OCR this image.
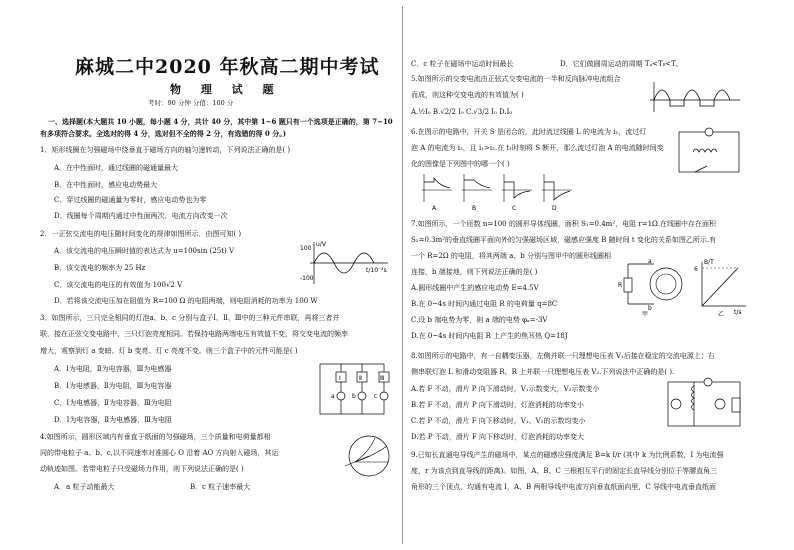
麻城二中2020 年秋高二期中考试
物 理 试 题
考时：90 分钟 分值：100 分
一、选择题(本大题共 10 小题，每小题 4 分，共计 40 分，其中第 1~6 题只有一个选项是正确的，第 7~10
有多项符合要求。全选对的得 4 分，选对但不全的得 2 分，有选错的得 0 分。)
1．矩形线圈在匀强磁场中绕垂直于磁场方向的轴匀速转动，下列说法正确的是( )
A．在中性面时，通过线圈的磁通量最大
B．在中性面时，感应电动势最大
C．穿过线圈的磁通量为零时，感应电动势也为零
D．线圈每个周期内通过中性面两次，电流方向改变一次
2．一正弦交流电的电压随时间变化的规律如图所示．由图可知( )
A．该交流电的电压瞬时值的表达式为 u=100sin (25t) V
B．该交流电的频率为 25 Hz
C．该交流电的电压的有效值为 100√2 V
D．若将该交流电压加在阻值为 R=100 Ω 的电阻两端，则电阻消耗的功率为 100 W
u/V
100
-100
t/10⁻²s
3．如图所示，三只完全相同的灯泡a、b、c 分别与盒子Ⅰ、Ⅱ、Ⅲ中的三种元件串联，再将三者并
联，接在正弦交变电路中，三只灯泡亮度相同。若保持电路两端电压有效值不变，将交变电流的频率
增大，观察到灯 a 变暗、灯 b 变亮、灯 c 亮度不变。则三个盒子中的元件可能是( )
A．Ⅰ为电阻，Ⅱ为电容器，Ⅲ为电感器
B．Ⅰ为电感器，Ⅱ为电阻，Ⅲ为电容器
C．Ⅰ为电感器，Ⅱ为电容器，Ⅲ为电阻
D．Ⅰ为电容器，Ⅱ为电感器，Ⅲ为电阻
Ⅰ	Ⅱ	Ⅲ
a	b	c
4.如图所示，圆形区域内有垂直于纸面的匀强磁场，三个质量和电荷量都相
同的带电粒子 a、b、c,以不同速率对准圆心 O 沿着 AO 方向射入磁场，其运
动轨迹如图。若带电粒子只受磁场力作用，则下列说法正确的是( )
A．a 粒子动能最大	B．c 粒子速率最大
C．c 粒子在磁场中运动时间最长	D．它们做圆周运动的周期 Tₐ<Tᵦ<T꜀
5.如图所示的交变电流由正弦式交变电流的一半和反向脉冲电流组合
而成，则这种交变电流的有效值为( )
A.½I₀ B.√2/2 I₀ C.√3/2 I₀ D.I₀
6.在图示的电路中，开关 S 是闭合的，此时流过线圈 L 的电流为 i₁，流过灯
泡 A 的电流为 i₂，且 i₁>i₂.在 t₁时刻将 S 断开，那么流过灯泡 A 的电流随时间变
化的图像是下列图中的哪一个( )
A	B	C	D
7.如图所示，一个匝数 n=100 的圆形导体线圈，面积 S₁=0.4m²，电阻 r=1Ω.在线圈中存在面积
S₂=0.3m²的垂直线圈平面向外的匀强磁场区域，磁感应强度 B 随时间 t 变化的关系如图乙所示.有
一个 R=2Ω 的电阻，将其两端 a、b 分别与图甲中的圆形线圈相
连接，b 端接地，则下列说法正确的是( )
A.圆形线圈中产生的感应电动势 E=4.5V
B.在 0~4s 时间内通过电阻 R 的电荷量 q=8C
C.设 b 端电势为零，则 a 端的电势 φₐ=-3V
D.在 0~4s 时间内电阻 R 上产生的焦耳热 Q=18J
R
a
b
甲
B/T
6
t/s
乙
8.如图所示的电路中，有一自耦变压器，左侧并联一只理想电压表 V₁后接在稳定的交流电源上；右
侧串联灯泡 L 和滑动变阻器 R，R 上并联一只理想电压表 V₂.下列说法中正确的是( ).
A.若 F 不动，滑片 P 向下滑动时，V₁示数变大，V₂示数变小
B.若 F 不动，滑片 P 向下滑动时，灯泡消耗的功率变小
C.若 P 不动，滑片 F 向下移动时，V₁、V₂的示数均变小
D.若 P 不动，滑片 F 向下移动时，灯泡消耗的功率变大
9.已知长直通电导线产生的磁场中，某点的磁感应强度满足 B=k I/r (其中 k 为比例系数，I 为电流强
度，r 为该点到直导线的距离)。如图，A、B、C 三根相互平行的固定长直导线分别位于等腰直角三
角形的三个顶点，均通有电流 I，A、B 两根导线中电流方向垂直纸面向里，C 导线中电流垂直纸面
